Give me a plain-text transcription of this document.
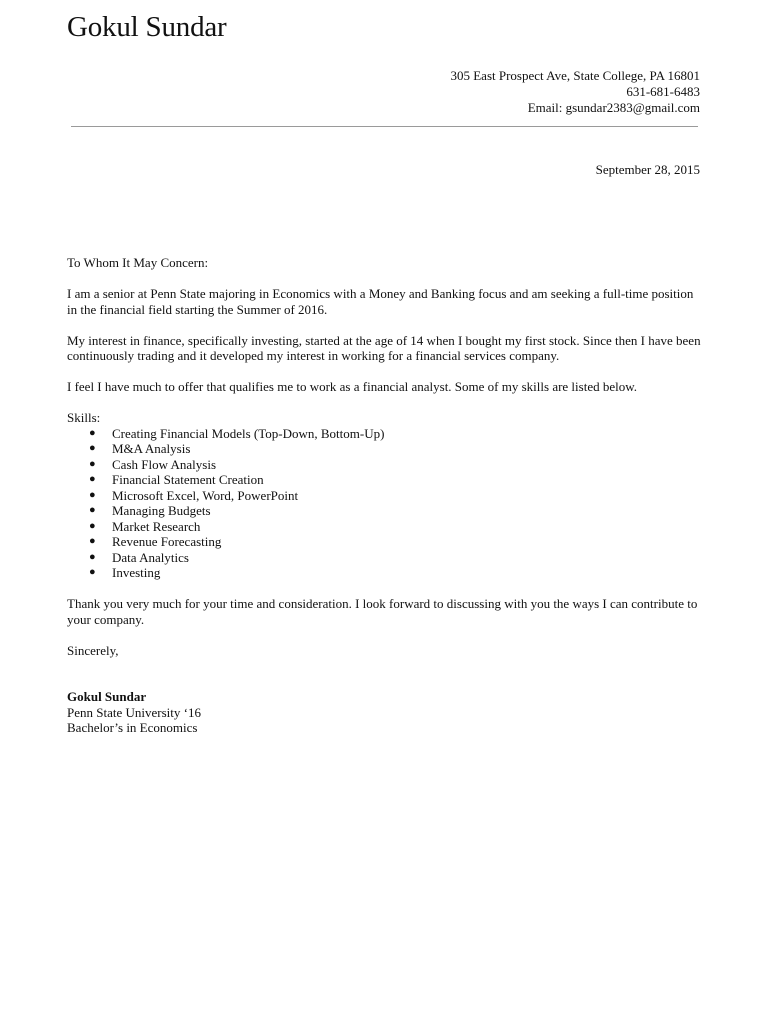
Gokul Sundar
305 East Prospect Ave, State College, PA 16801
631-681-6483
Email: gsundar2383@gmail.com
September 28, 2015

To Whom It May Concern:

I am a senior at Penn State majoring in Economics with a Money and Banking focus and am seeking a full-time position in the financial field starting the Summer of 2016.

My interest in finance, specifically investing, started at the age of 14 when I bought my first stock. Since then I have been continuously trading and it developed my interest in working for a financial services company.

I feel I have much to offer that qualifies me to work as a financial analyst. Some of my skills are listed below.

Skills:

● Creating Financial Models (Top-Down, Bottom-Up)
● M&A Analysis
● Cash Flow Analysis
● Financial Statement Creation
● Microsoft Excel, Word, PowerPoint
● Managing Budgets
● Market Research
● Revenue Forecasting
● Data Analytics
● Investing

Thank you very much for your time and consideration. I look forward to discussing with you the ways I can contribute to your company.

Sincerely,

Gokul Sundar

Penn State University ‘16

Bachelor’s in Economics
